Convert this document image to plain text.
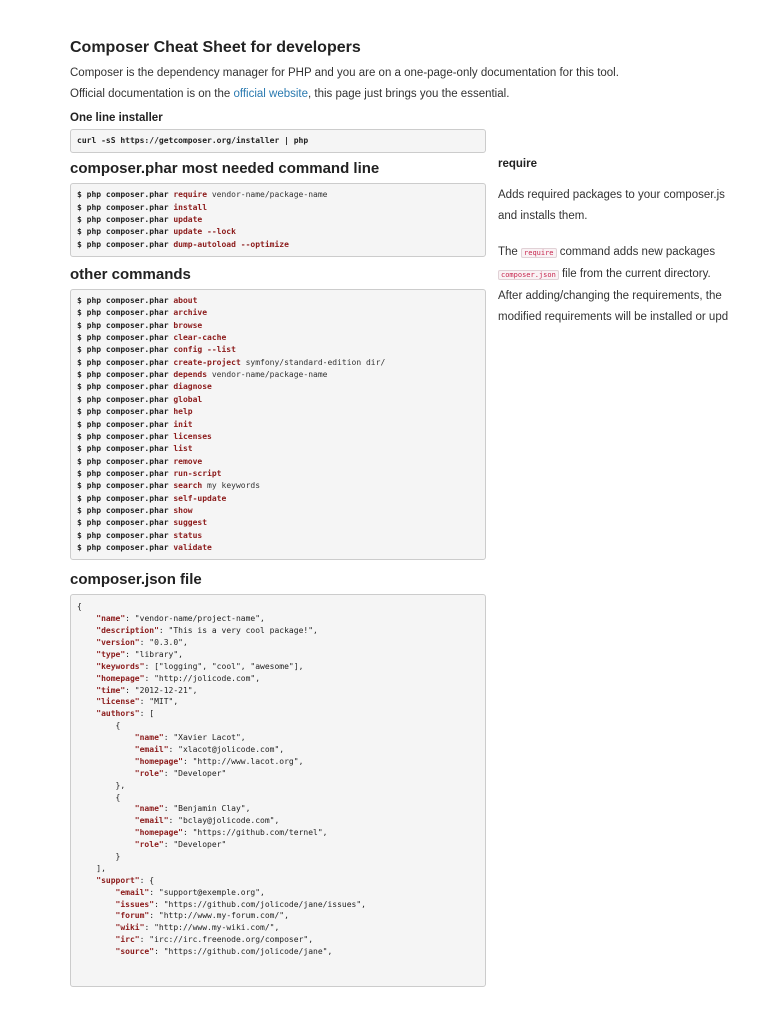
Composer Cheat Sheet for developers

Composer is the dependency manager for PHP and you are on a one-page-only documentation for this tool.

Official documentation is on the official website, this page just brings you the essential.

One line installer
curl -sS https://getcomposer.org/installer | php
composer.phar most needed command line
$ php composer.phar require vendor-name/package-name
$ php composer.phar install
$ php composer.phar update
$ php composer.phar update --lock
$ php composer.phar dump-autoload --optimize
other commands
$ php composer.phar about
$ php composer.phar archive
$ php composer.phar browse
$ php composer.phar clear-cache
$ php composer.phar config --list
$ php composer.phar create-project symfony/standard-edition dir/
$ php composer.phar depends vendor-name/package-name
$ php composer.phar diagnose
$ php composer.phar global
$ php composer.phar help
$ php composer.phar init
$ php composer.phar licenses
$ php composer.phar list
$ php composer.phar remove
$ php composer.phar run-script
$ php composer.phar search my keywords
$ php composer.phar self-update
$ php composer.phar show
$ php composer.phar suggest
$ php composer.phar status
$ php composer.phar validate
composer.json file
{
"name": "vendor-name/project-name",
"description": "This is a very cool package!",
"version": "0.3.0",
"type": "library",
"keywords": ["logging", "cool", "awesome"],
"homepage": "http://jolicode.com",
"time": "2012-12-21",
"license": "MIT",
"authors": [
{
"name": "Xavier Lacot",
"email": "xlacot@jolicode.com",
"homepage": "http://www.lacot.org",
"role": "Developer"
},
{
"name": "Benjamin Clay",
"email": "bclay@jolicode.com",
"homepage": "https://github.com/ternel",
"role": "Developer"
}
],
"support": {
"email": "support@exemple.org",
"issues": "https://github.com/jolicode/jane/issues",
"forum": "http://www.my-forum.com/",
"wiki": "http://www.my-wiki.com/",
"irc": "irc://irc.freenode.org/composer",
"source": "https://github.com/jolicode/jane",
require

Adds required packages to your composer.js
and installs them.

The require command adds new packages
composer.json file from the current directory.
After adding/changing the requirements, the
modified requirements will be installed or upd
